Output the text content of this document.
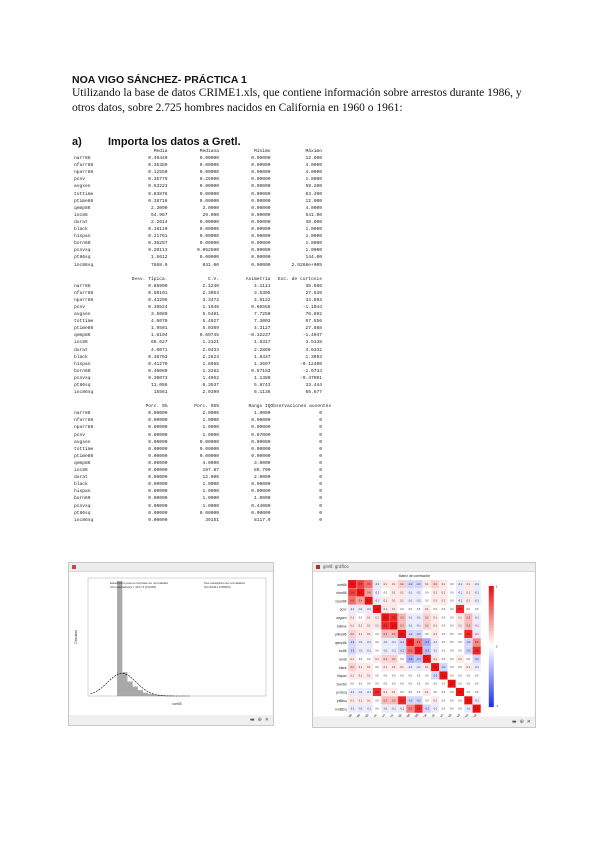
NOA VIGO SÁNCHEZ- PRÁCTICA 1
Utilizando la base de datos CRIME1.xls, que contiene información sobre arrestos durante 1986, y otros datos, sobre 2.725 hombres nacidos en California en 1960 o 1961:
a) Importa los datos a Gretl.
	Media	Mediana	Mínimo	Máximo
narr86	0.40440	0.00000	0.00000	12.000
nfarr86	0.35389	0.00000	0.00000	4.0000
nparr86	0.12550	0.00000	0.00000	4.0000
pcnv	0.35779	0.25000	0.00000	1.0000
avgsen	0.63223	0.00000	0.00000	59.200
tottime	0.83878	0.00000	0.00000	63.400
ptime86	0.38716	0.00000	0.00000	12.000
qemp86	2.3090	3.0000	0.00000	4.0000
inc86	54.967	29.000	0.00000	541.00
durat	2.2614	0.00000	0.00000	38.000
black	0.16110	0.00000	0.00000	1.0000
hispan	0.21761	0.00000	0.00000	1.0000
born60	0.36257	0.00000	0.00000	1.0000
pcnvsq	0.20113	0.062500	0.00000	1.0000
pt86sq	1.5612	0.00000	0.00000	144.00
inc86sq	7668.9	841.00	0.00000	2.9268e+005
	Desv. Típica.	C.V.	Asimetría	Exc. de curtosis
narr86	0.85900	2.1240	4.1111	35.666
nfarr86	0.50101	2.3054	3.5305	27.539
nparr86	0.43295	3.3472	4.9122	34.693
pcnv	0.39524	1.1046	0.66555	-1.1044
avgsen	3.5080	5.5481	7.7250	76.692
tottime	4.6070	5.4927	7.3003	67.556
ptime86	1.9501	5.0369	4.3127	27.888
qemp86	1.6104	0.69745	-0.32237	-1.4947
inc86	66.627	1.2121	1.6317	3.5138
durat	4.6071	2.0433	2.2860	4.6332
black	0.36763	2.2824	1.8437	1.3993
hispan	0.41270	1.8965	1.3697	-0.12400
born60	0.48080	1.3262	0.57153	-1.6734
pcnvsq	0.30073	1.4952	1.1380	-0.47901
pt86sq	11.086	6.3537	5.8743	33.444
inc86sq	15561	2.0399	6.1136	65.677
	Porc. 5%	Porc. 95%	Rango IQ	Observaciones ausentes
narr86	0.00000	2.0000	1.0000	0
nfarr86	0.00000	1.0000	0.00000	0
nparr86	0.00000	1.0000	0.00000	0
pcnv	0.00000	1.0000	0.67000	0
avgsen	0.00000	0.00000	0.00000	0
tottime	0.00000	0.00000	0.00000	0
ptime86	0.00000	0.00000	0.00000	0
qemp86	0.00000	4.0000	3.0000	0
inc86	0.00000	197.87	89.700	0
durat	0.00000	12.000	2.0000	0
black	0.00000	1.0000	0.00000	0
hispan	0.00000	1.0000	0.00000	0
born60	0.00000	1.0000	1.0000	0
pcnvsq	0.00000	1.0000	0.44000	0
pt86sq	0.00000	0.00000	0.00000	0
inc86sq	0.00000	39151	8117.9	0
Estadístico para el contraste de normalidad
Chi-cuadrado(2) = 4417.6 [0.0000]
Test estadístico de normalidad
N(0.40441,0.85903)
narr86
Densidad
▬ ⊕ ✕
gretl: gráfico
Matriz de correlación
narr86 1.0 0.8 0.6 -0.1 0.1 0.1 0.2 -0.2 -0.2 0.1 0.2 0.1 0.0 -0.1 0.1 -0.1
nfarr86 0.8 1.0 0.4 -0.1 0.0 0.1 0.1 -0.1 -0.1 0.0 0.1 0.1 0.0 -0.1 0.1 -0.1
nparr86 0.6 0.4 1.0 -0.1 0.1 0.1 0.1 -0.1 -0.1 0.0 0.1 0.1 0.0 -0.1 0.1 -0.1
pcnv -0.1 -0.1 -0.1 1.0 0.1 0.1 0.0 0.0 0.0 0.1 0.0 0.0 0.0 0.9 0.0 0.0
avgsen 0.1 0.0 0.1 0.1 1.0 0.9 0.3 -0.1 -0.1 0.2 0.1 0.0 0.0 0.1 0.3 -0.1
tottime 0.1 0.1 0.1 0.1 0.9 1.0 0.3 -0.1 -0.1 0.2 0.1 0.0 0.0 0.1 0.3 -0.1
ptime86 0.2 0.1 0.1 0.0 0.3 0.3 1.0 -0.2 -0.2 0.0 0.1 0.0 0.0 0.0 0.9 -0.1
qemp86 -0.2 -0.1 -0.1 0.0 -0.1 -0.1 -0.2 1.0 0.6 -0.4 -0.1 0.0 0.0 0.0 -0.2 0.5
inc86 -0.2 -0.1 -0.1 0.0 -0.1 -0.1 -0.2 0.6 1.0 -0.3 -0.1 0.0 0.0 0.0 -0.2 0.9
durat 0.1 0.0 0.0 0.1 0.2 0.2 0.0 -0.4 -0.3 1.0 0.1 0.0 0.0 0.1 0.0 -0.2
black 0.2 0.1 0.1 0.0 0.1 0.1 0.1 -0.1 -0.1 0.1 1.0 -0.2 0.0 0.0 0.1 -0.1
hispan 0.1 0.1 0.1 0.0 0.0 0.0 0.0 0.0 0.0 0.0 -0.2 1.0 0.0 0.0 0.0 0.0
born60 0.0 0.0 0.0 0.0 0.0 0.0 0.0 0.0 0.0 0.0 0.0 0.0 1.0 0.0 0.0 0.0
pcnvsq -0.1 -0.1 -0.1 0.9 0.1 0.1 0.0 0.0 0.0 0.1 0.0 0.0 0.0 1.0 0.0 0.0
pt86sq 0.1 0.1 0.1 0.0 0.3 0.3 0.9 -0.2 -0.2 0.0 0.1 0.0 0.0 0.0 1.0 -0.1
inc86sq -0.1 -0.1 -0.1 0.0 -0.1 -0.1 -0.1 0.5 0.9 -0.2 -0.1 0.0 0.0 0.0 -0.1 1.0
1
0
-1
▬ ⊕ ✕
